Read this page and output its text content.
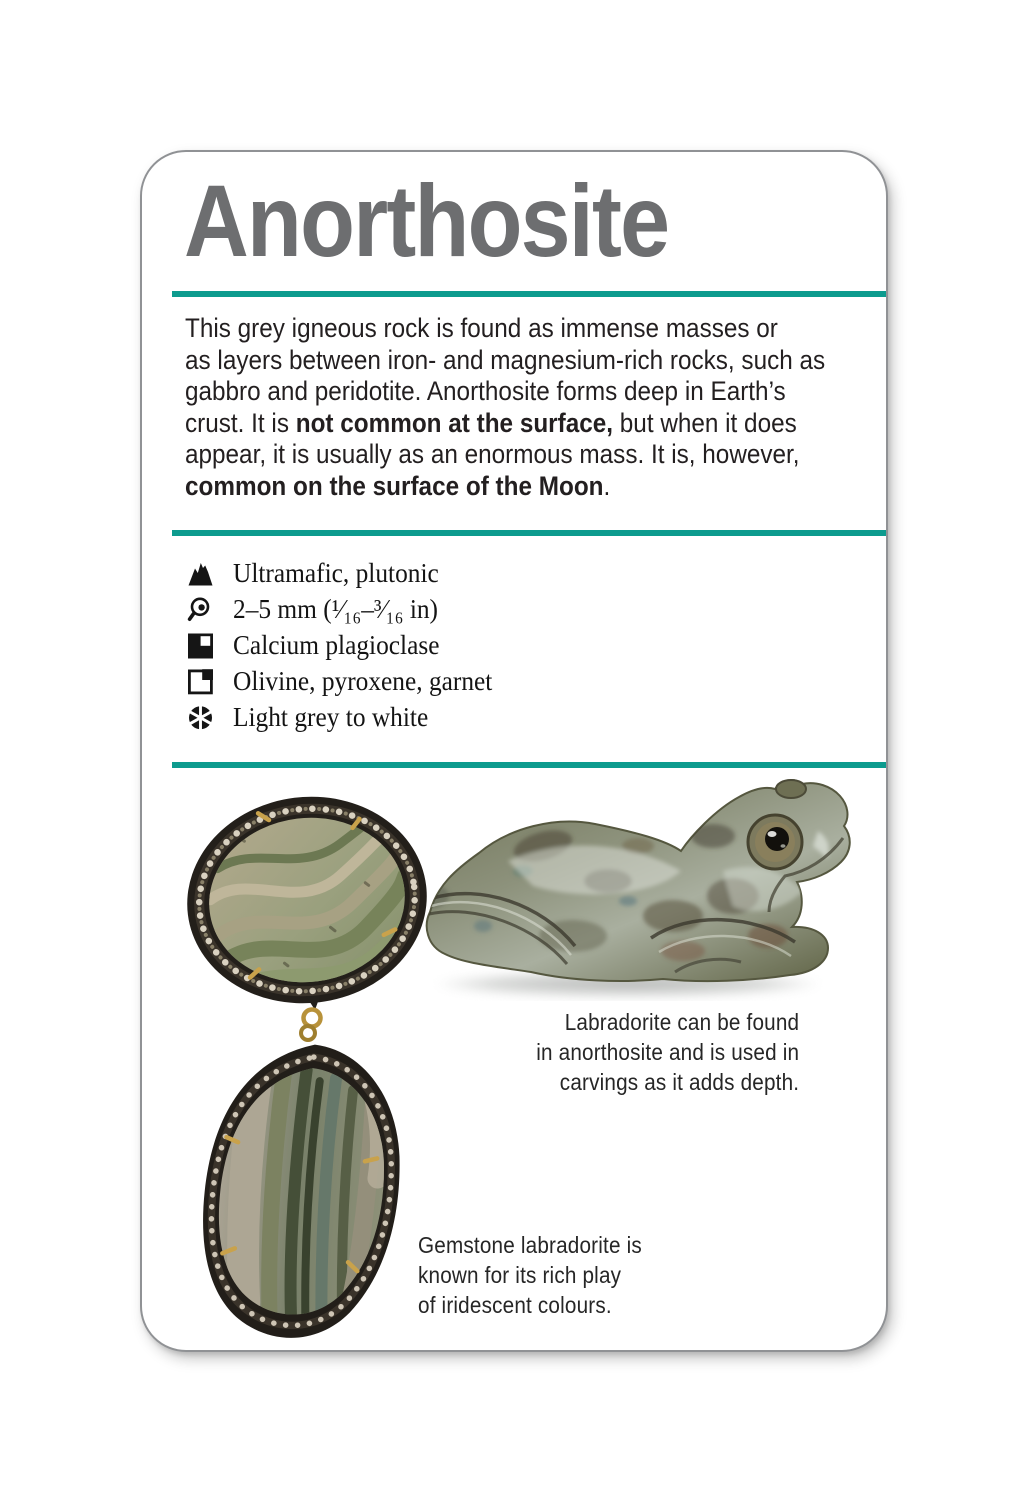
Anorthosite
This grey igneous rock is found as immense masses or
as layers between iron- and magnesium-rich rocks, such as
gabbro and peridotite. Anorthosite forms deep in Earth’s
crust. It is not common at the surface, but when it does
appear, it is usually as an enormous mass. It is, however,
common on the surface of the Moon.
Ultramafic, plutonic
2–5 mm (¹⁄₁₆–³⁄₁₆ in)
Calcium plagioclase
Olivine, pyroxene, garnet
Light grey to white
Labradorite can be found
in anorthosite and is used in
carvings as it adds depth.
Gemstone labradorite is
known for its rich play
of iridescent colours.
